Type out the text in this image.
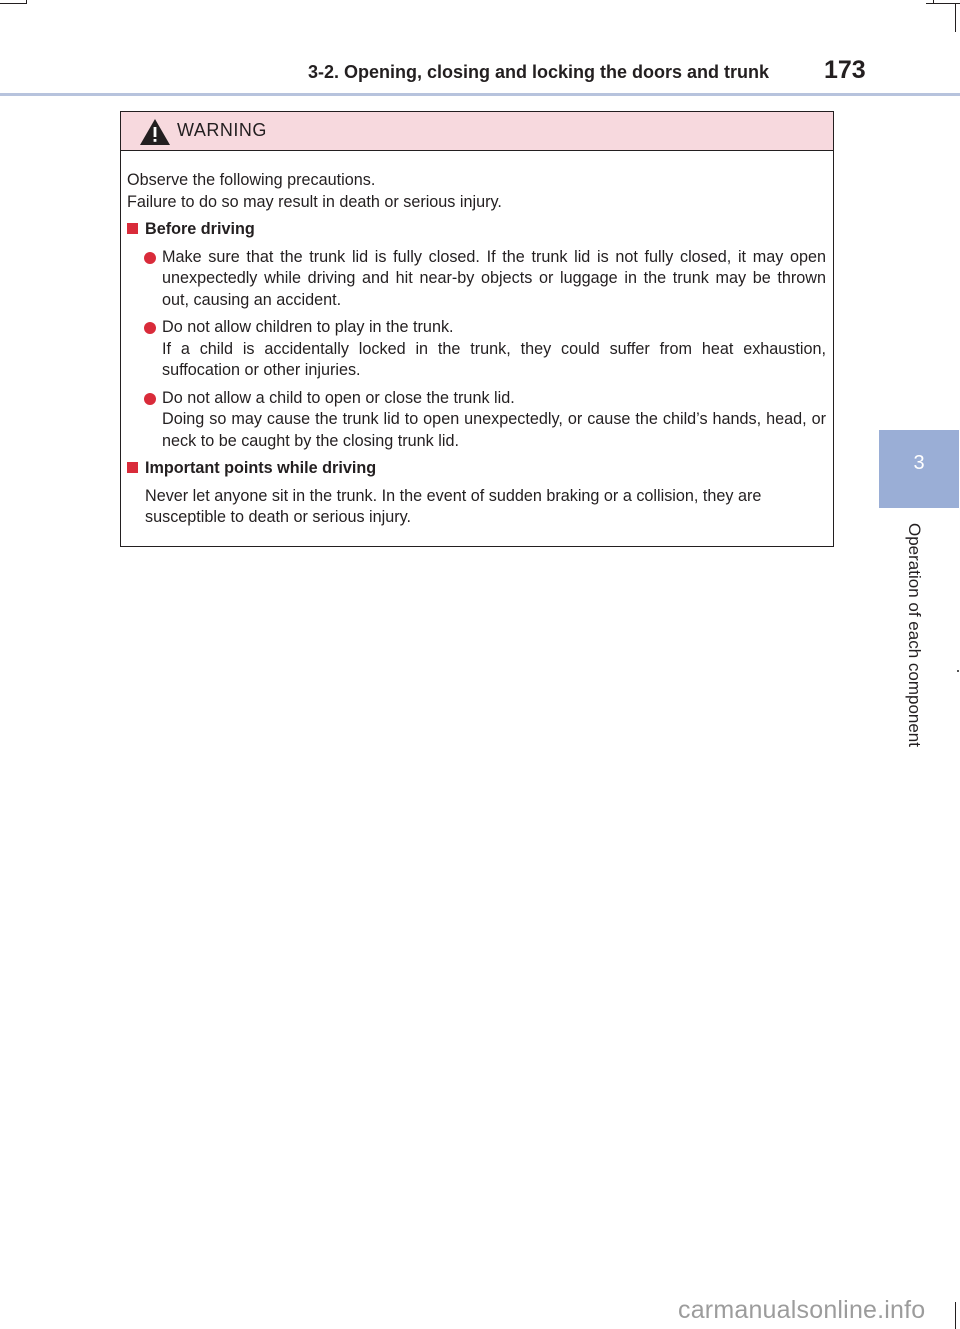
3-2. Opening, closing and locking the doors and trunk 173
3
Operation of each component
WARNING

Observe the following precautions.

Failure to do so may result in death or serious injury.

Before driving
Make sure that the trunk lid is fully closed. If the trunk lid is not fully closed, it may open unexpectedly while driving and hit near-by objects or luggage in the trunk may be thrown out, causing an accident.
Do not allow children to play in the trunk.
If a child is accidentally locked in the trunk, they could suffer from heat exhaustion, suffocation or other injuries.
Do not allow a child to open or close the trunk lid.
Doing so may cause the trunk lid to open unexpectedly, or cause the child’s hands, head, or neck to be caught by the closing trunk lid.
Important points while driving

Never let anyone sit in the trunk. In the event of sudden braking or a collision, they are susceptible to death or serious injury.

carmanualsonline.info
